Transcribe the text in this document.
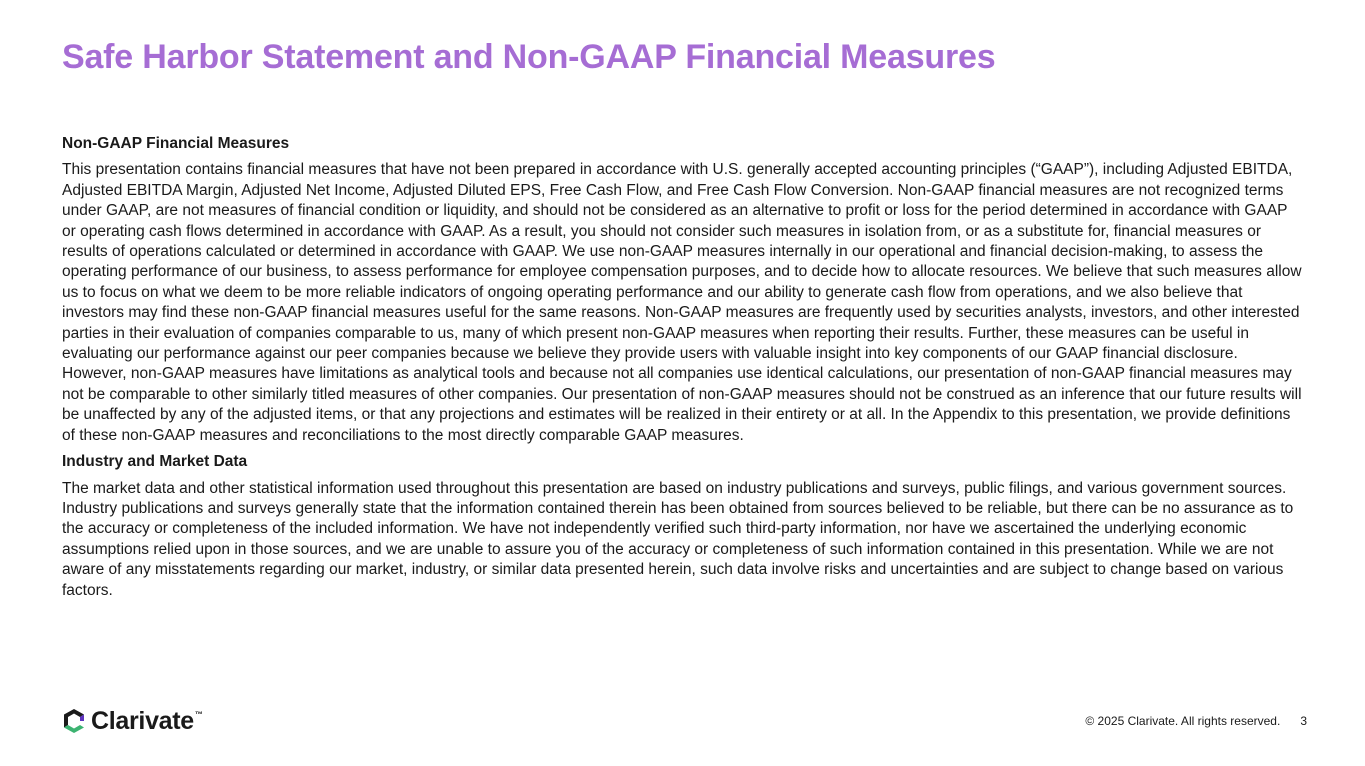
Safe Harbor Statement and Non-GAAP Financial Measures
Non-GAAP Financial Measures
This presentation contains financial measures that have not been prepared in accordance with U.S. generally accepted accounting principles (“GAAP”), including Adjusted EBITDA, Adjusted EBITDA Margin, Adjusted Net Income, Adjusted Diluted EPS, Free Cash Flow, and Free Cash Flow Conversion. Non-GAAP financial measures are not recognized terms under GAAP, are not measures of financial condition or liquidity, and should not be considered as an alternative to profit or loss for the period determined in accordance with GAAP or operating cash flows determined in accordance with GAAP. As a result, you should not consider such measures in isolation from, or as a substitute for, financial measures or results of operations calculated or determined in accordance with GAAP. We use non-GAAP measures internally in our operational and financial decision-making, to assess the operating performance of our business, to assess performance for employee compensation purposes, and to decide how to allocate resources. We believe that such measures allow us to focus on what we deem to be more reliable indicators of ongoing operating performance and our ability to generate cash flow from operations, and we also believe that investors may find these non-GAAP financial measures useful for the same reasons. Non-GAAP measures are frequently used by securities analysts, investors, and other interested parties in their evaluation of companies comparable to us, many of which present non-GAAP measures when reporting their results. Further, these measures can be useful in evaluating our performance against our peer companies because we believe they provide users with valuable insight into key components of our GAAP financial disclosure. However, non-GAAP measures have limitations as analytical tools and because not all companies use identical calculations, our presentation of non-GAAP financial measures may not be comparable to other similarly titled measures of other companies. Our presentation of non-GAAP measures should not be construed as an inference that our future results will be unaffected by any of the adjusted items, or that any projections and estimates will be realized in their entirety or at all. In the Appendix to this presentation, we provide definitions of these non-GAAP measures and reconciliations to the most directly comparable GAAP measures.
Industry and Market Data
The market data and other statistical information used throughout this presentation are based on industry publications and surveys, public filings, and various government sources. Industry publications and surveys generally state that the information contained therein has been obtained from sources believed to be reliable, but there can be no assurance as to the accuracy or completeness of the included information. We have not independently verified such third-party information, nor have we ascertained the underlying economic assumptions relied upon in those sources, and we are unable to assure you of the accuracy or completeness of such information contained in this presentation. While we are not aware of any misstatements regarding our market, industry, or similar data presented herein, such data involve risks and uncertainties and are subject to change based on various factors.
Clarivate ™	© 2025 Clarivate. All rights reserved. 3
